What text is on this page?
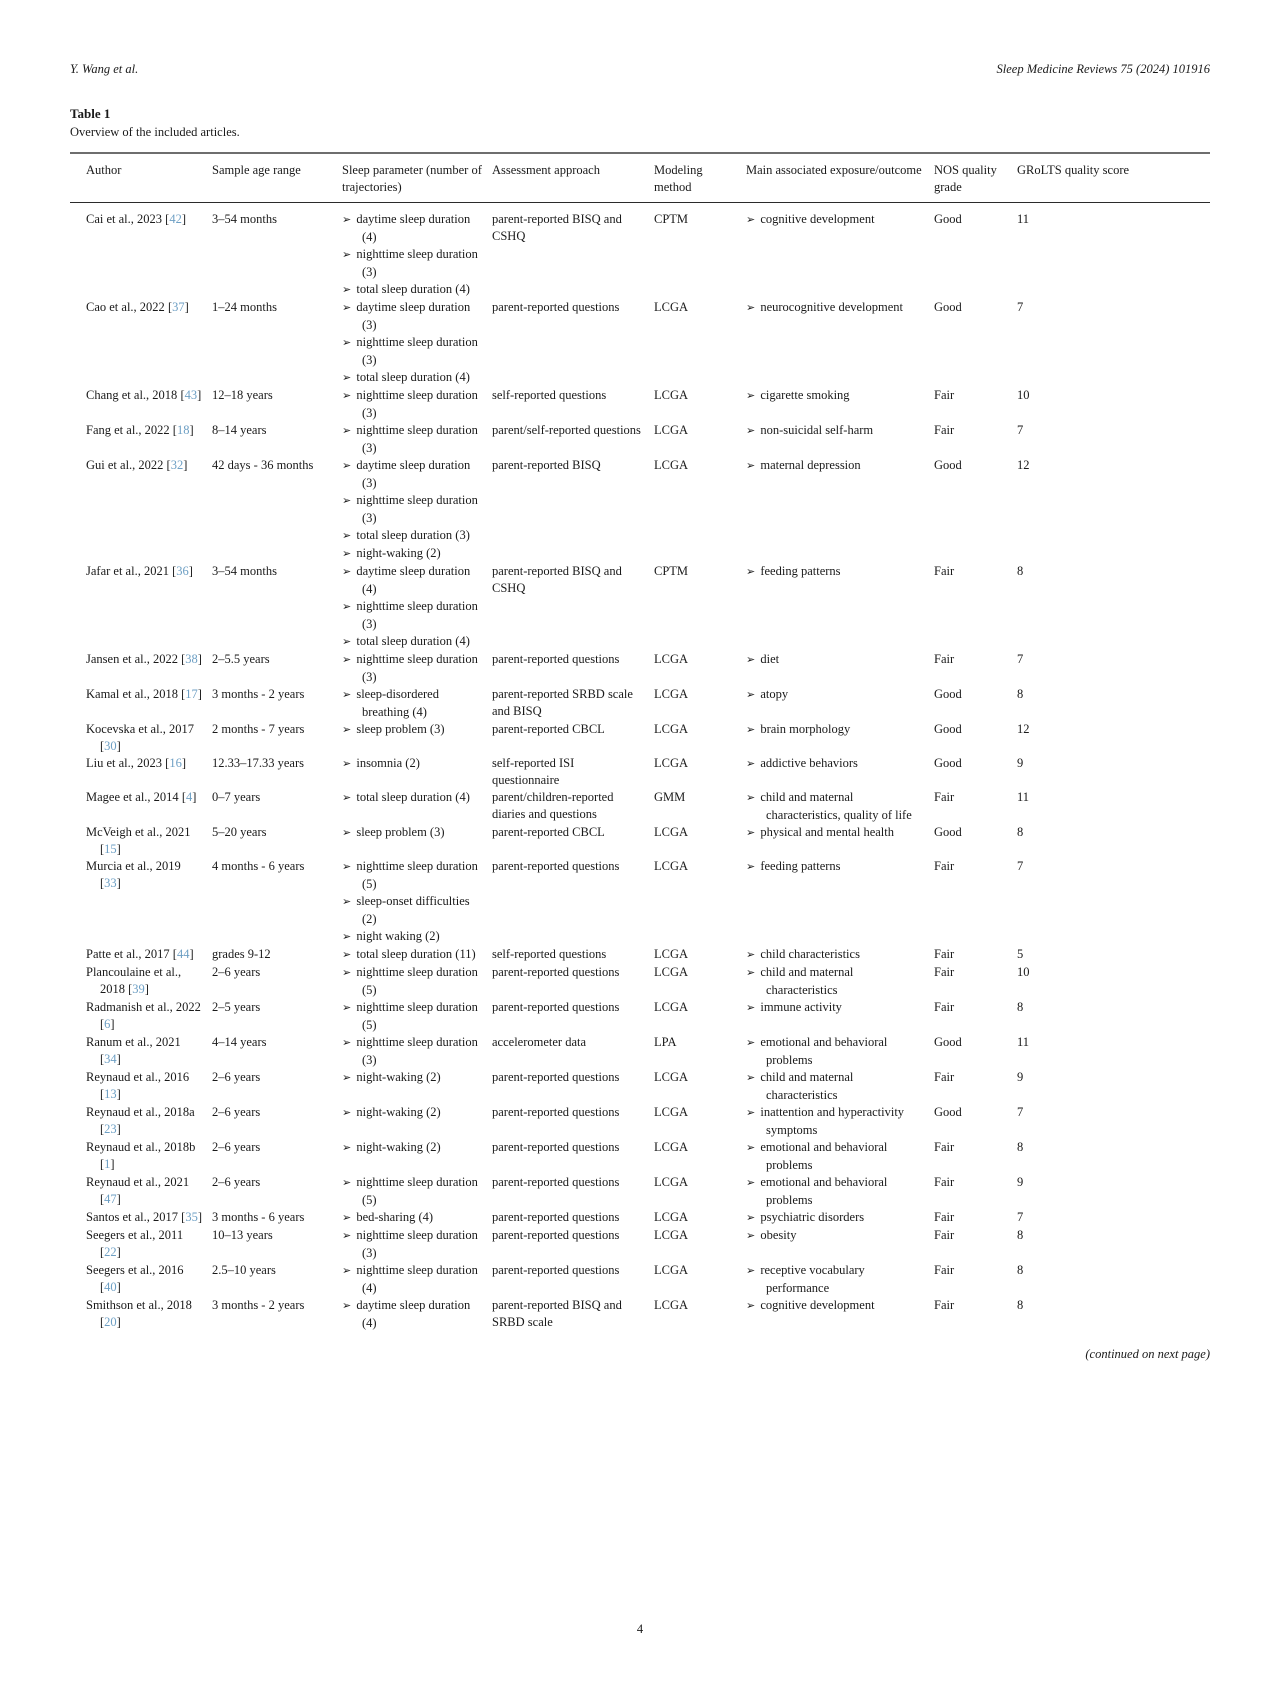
Y. Wang et al.	Sleep Medicine Reviews 75 (2024) 101916
Table 1
Overview of the included articles.
Author	Sample age range	Sleep parameter (number of trajectories)	Assessment approach	Modeling method	Main associated exposure/outcome	NOS quality grade	GRoLTS quality score

Cai et al., 2023 [42]	3–54 months	➢ daytime sleep duration (4)
➢ nighttime sleep duration (3)
➢ total sleep duration (4)	parent-reported BISQ and CSHQ	CPTM	➢ cognitive development	Good	11

Cao et al., 2022 [37]	1–24 months	➢ daytime sleep duration (3)
➢ nighttime sleep duration (3)
➢ total sleep duration (4)	parent-reported questions	LCGA	➢ neurocognitive development	Good	7

Chang et al., 2018 [43]	12–18 years	➢ nighttime sleep duration (3)	self-reported questions	LCGA	➢ cigarette smoking	Fair	10

Fang et al., 2022 [18]	8–14 years	➢ nighttime sleep duration (3)	parent/self-reported questions	LCGA	➢ non-suicidal self-harm	Fair	7

Gui et al., 2022 [32]	42 days - 36 months	➢ daytime sleep duration (3)
➢ nighttime sleep duration (3)
➢ total sleep duration (3)
➢ night-waking (2)	parent-reported BISQ	LCGA	➢ maternal depression	Good	12

Jafar et al., 2021 [36]	3–54 months	➢ daytime sleep duration (4)
➢ nighttime sleep duration (3)
➢ total sleep duration (4)	parent-reported BISQ and CSHQ	CPTM	➢ feeding patterns	Fair	8

Jansen et al., 2022 [38]	2–5.5 years	➢ nighttime sleep duration (3)	parent-reported questions	LCGA	➢ diet	Fair	7

Kamal et al., 2018 [17]	3 months - 2 years	➢ sleep-disordered breathing (4)	parent-reported SRBD scale and BISQ	LCGA	➢ atopy	Good	8

Kocevska et al., 2017 [30]	2 months - 7 years	➢ sleep problem (3)	parent-reported CBCL	LCGA	➢ brain morphology	Good	12

Liu et al., 2023 [16]	12.33–17.33 years	➢ insomnia (2)	self-reported ISI questionnaire	LCGA	➢ addictive behaviors	Good	9

Magee et al., 2014 [4]	0–7 years	➢ total sleep duration (4)	parent/children-reported diaries and questions	GMM	➢ child and maternal characteristics, quality of life	Fair	11

McVeigh et al., 2021 [15]	5–20 years	➢ sleep problem (3)	parent-reported CBCL	LCGA	➢ physical and mental health	Good	8

Murcia et al., 2019 [33]	4 months - 6 years	➢ nighttime sleep duration (5)
➢ sleep-onset difficulties (2)
➢ night waking (2)	parent-reported questions	LCGA	➢ feeding patterns	Fair	7

Patte et al., 2017 [44]	grades 9-12	➢ total sleep duration (11)	self-reported questions	LCGA	➢ child characteristics	Fair	5

Plancoulaine et al., 2018 [39]	2–6 years	➢ nighttime sleep duration (5)	parent-reported questions	LCGA	➢ child and maternal characteristics	Fair	10

Radmanish et al., 2022 [6]	2–5 years	➢ nighttime sleep duration (5)	parent-reported questions	LCGA	➢ immune activity	Fair	8

Ranum et al., 2021 [34]	4–14 years	➢ nighttime sleep duration (3)	accelerometer data	LPA	➢ emotional and behavioral problems	Good	11

Reynaud et al., 2016 [13]	2–6 years	➢ night-waking (2)	parent-reported questions	LCGA	➢ child and maternal characteristics	Fair	9

Reynaud et al., 2018a [23]	2–6 years	➢ night-waking (2)	parent-reported questions	LCGA	➢ inattention and hyperactivity symptoms	Good	7

Reynaud et al., 2018b [1]	2–6 years	➢ night-waking (2)	parent-reported questions	LCGA	➢ emotional and behavioral problems	Fair	8

Reynaud et al., 2021 [47]	2–6 years	➢ nighttime sleep duration (5)	parent-reported questions	LCGA	➢ emotional and behavioral problems	Fair	9

Santos et al., 2017 [35]	3 months - 6 years	➢ bed-sharing (4)	parent-reported questions	LCGA	➢ psychiatric disorders	Fair	7

Seegers et al., 2011 [22]	10–13 years	➢ nighttime sleep duration (3)	parent-reported questions	LCGA	➢ obesity	Fair	8

Seegers et al., 2016 [40]	2.5–10 years	➢ nighttime sleep duration (4)	parent-reported questions	LCGA	➢ receptive vocabulary performance	Fair	8

Smithson et al., 2018 [20]	3 months - 2 years	➢ daytime sleep duration (4)	parent-reported BISQ and SRBD scale	LCGA	➢ cognitive development	Fair	8
(continued on next page)
4
